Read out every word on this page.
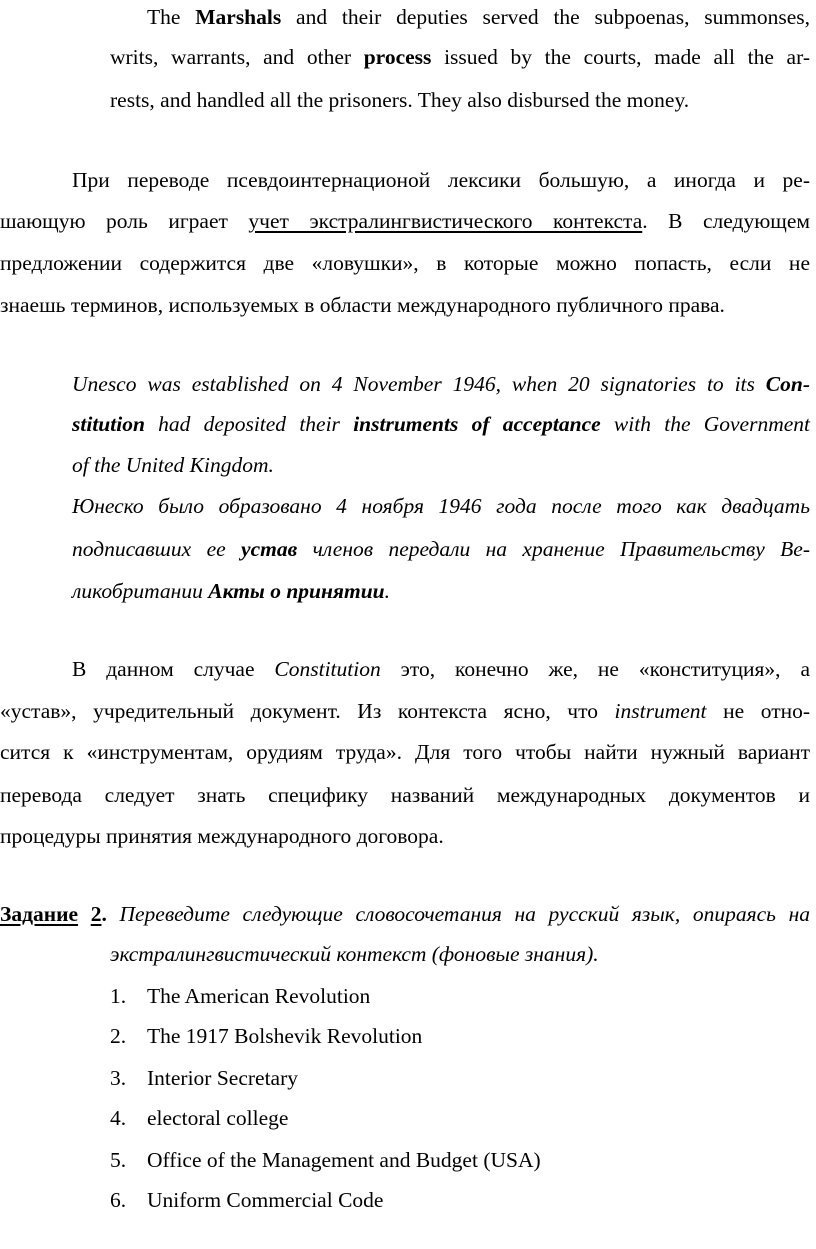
The Marshals and their deputies served the subpoenas, summonses,
writs, warrants, and other process issued by the courts, made all the ar-
rests, and handled all the prisoners. They also disbursed the money.
При переводе псевдоинтернационой лексики большую, а иногда и ре-
шающую роль играет учет экстралингвистического контекста. В следующем
предложении содержится две «ловушки», в которые можно попасть, если не
знаешь терминов, используемых в области международного публичного права.
Unesco was established on 4 November 1946, when 20 signatories to its Con-
stitution had deposited their instruments of acceptance with the Government
of the United Kingdom.
Юнеско было образовано 4 ноября 1946 года после того как двадцать
подписавших ее устав членов передали на хранение Правительству Ве-
ликобритании Акты о принятии.
В данном случае Constitution это, конечно же, не «конституция», а
«устав», учредительный документ. Из контекста ясно, что instrument не отно-
сится к «инструментам, орудиям труда». Для того чтобы найти нужный вариант
перевода следует знать специфику названий международных документов и
процедуры принятия международного договора.
Задание 2. Переведите следующие словосочетания на русский язык, опираясь на
экстралингвистический контекст (фоновые знания).
1. The American Revolution
2. The 1917 Bolshevik Revolution
3. Interior Secretary
4. electoral college
5. Office of the Management and Budget (USA)
6. Uniform Commercial Code
